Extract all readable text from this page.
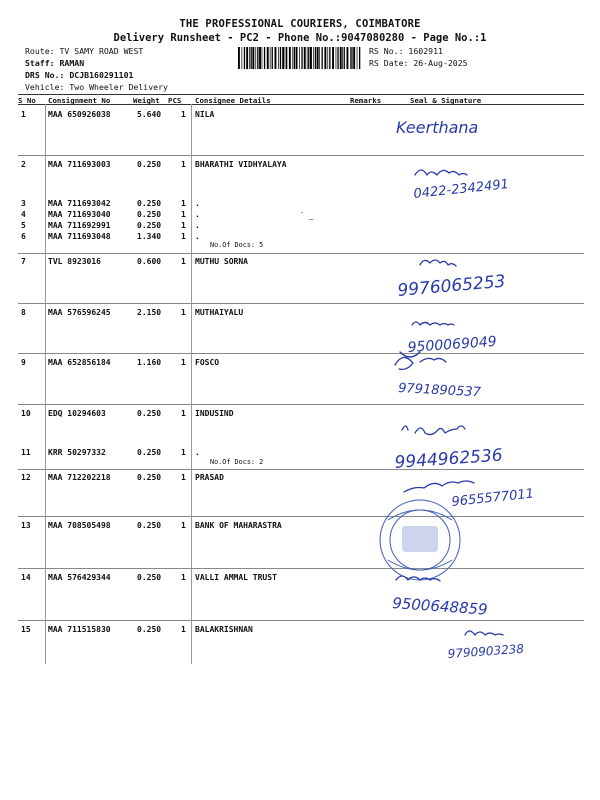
THE PROFESSIONAL COURIERS, COIMBATORE
Delivery Runsheet - PC2 - Phone No.:9047080280 - Page No.:1
Route: TV SAMY ROAD WEST
Staff: RAMAN
DRS No.: DCJB160291101
Vehicle: Two Wheeler Delivery
RS No.: 1602911
RS Date: 26-Aug-2025
S No Consignment No	Weight PCS Consignee Details	Remarks	Seal & Signature
1	MAA 650926038	5.640 1 NILA
2	MAA 711693003	0.250 1 BHARATHI VIDHYALAYA
3	MAA 711693042	0.250 1 .
4	MAA 711693040	0.250 1 .
5	MAA 711692991	0.250 1 .
6	MAA 711693048	1.340 1 .
7	TVL 8923016	0.600 1 MUTHU SORNA
8	MAA 576596245	2.150 1 MUTHAIYALU
9	MAA 652856184	1.160 1 FOSCO
10 EDQ 10294603	0.250 1 INDUSIND
11 KRR 50297332	0.250 1 .
12 MAA 712202218	0.250 1 PRASAD
13 MAA 708505498	0.250 1 BANK OF MAHARASTRA
14 MAA 576429344	0.250 1 VALLI AMMAL TRUST
15 MAA 711515830	0.250 1 BALAKRISHNAN
No.Of Docs: 5
No.Of Docs: 2
-
—
Keerthana
0422-2342491
9976065253
9500069049
9791890537
9944962536
9655577011
9500648859
9790903238
